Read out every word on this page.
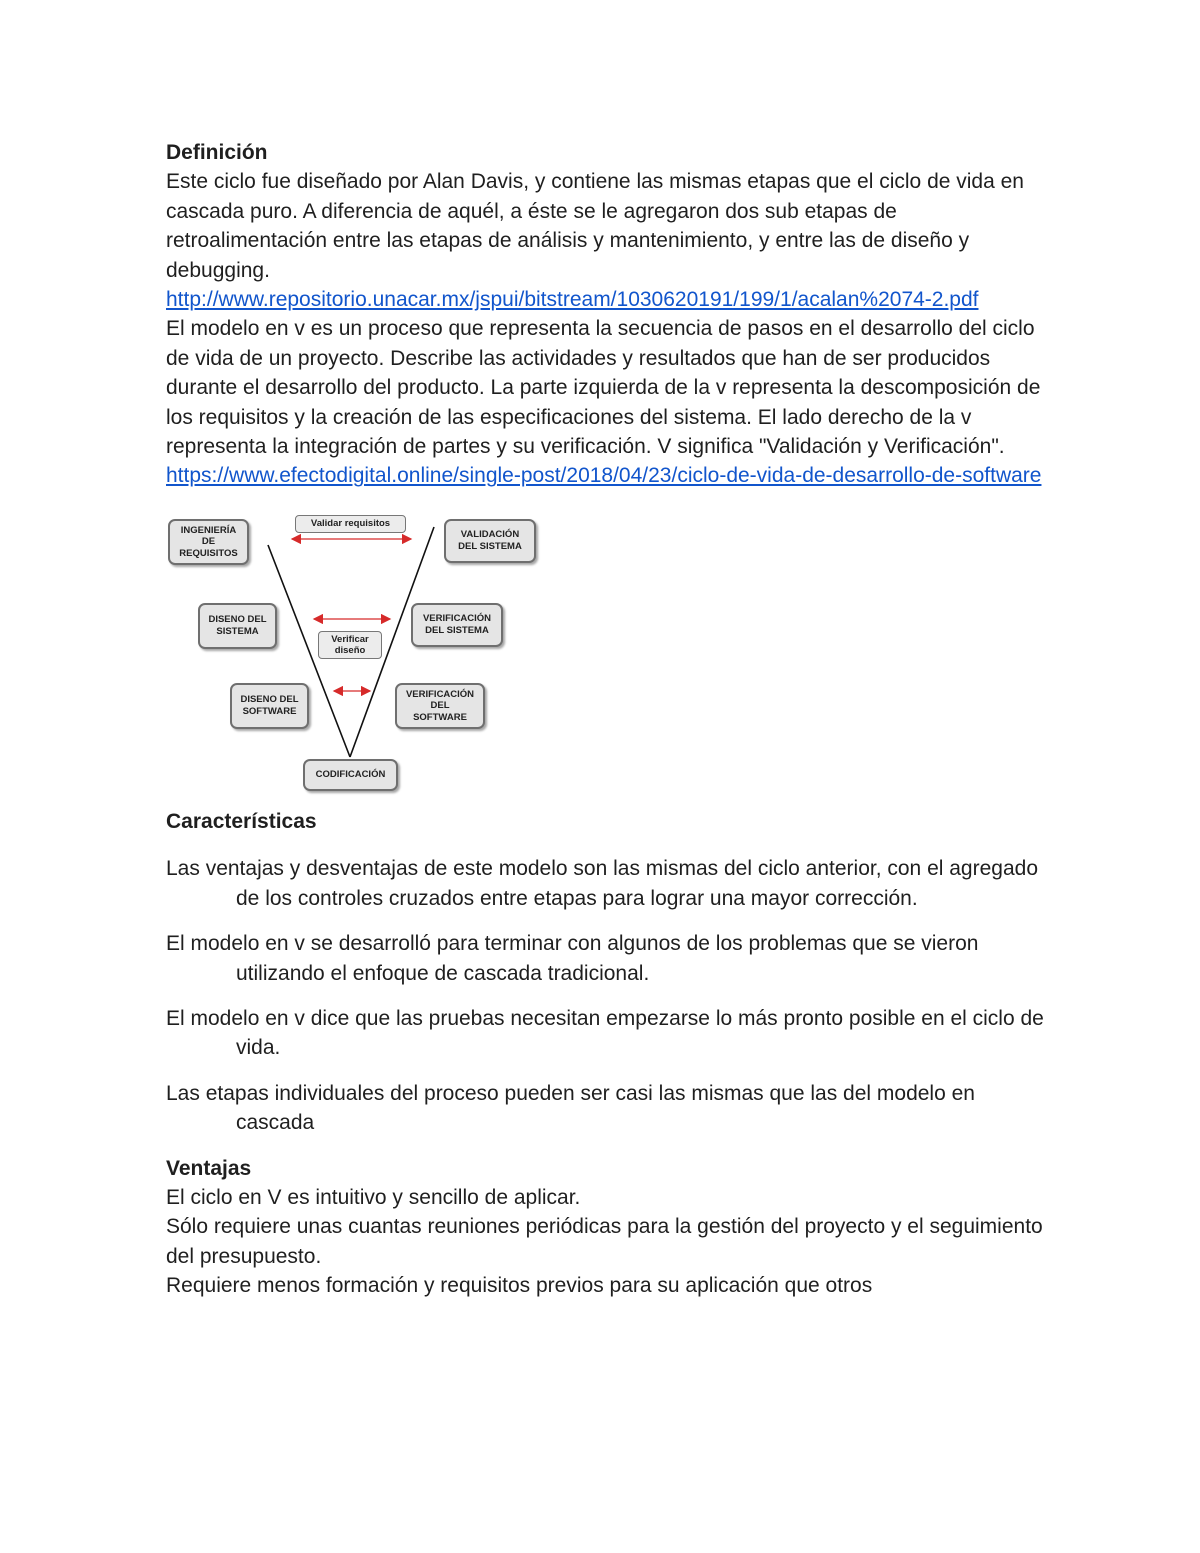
Definición

Este ciclo fue diseñado por Alan Davis, y contiene las mismas etapas que el ciclo de vida en cascada puro. A diferencia de aquél, a éste se le agregaron dos sub etapas de retroalimentación entre las etapas de análisis y mantenimiento, y entre las de diseño y debugging.

http://www.repositorio.unacar.mx/jspui/bitstream/1030620191/199/1/acalan%2074-2.pdf

El modelo en v es un proceso que representa la secuencia de pasos en el desarrollo del ciclo de vida de un proyecto. Describe las actividades y resultados que han de ser producidos durante el desarrollo del producto. La parte izquierda de la v representa la descomposición de los requisitos y la creación de las especificaciones del sistema. El lado derecho de la v representa la integración de partes y su verificación. V significa "Validación y Verificación".

https://www.efectodigital.online/single-post/2018/04/23/ciclo-de-vida-de-desarrollo-de-software
INGENIERÍA
DE
REQUISITOS
DISENO DEL
SISTEMA
DISENO DEL
SOFTWARE
CODIFICACIÓN
VALIDACIÓN
DEL SISTEMA
VERIFICACIÓN
DEL SISTEMA
VERIFICACIÓN
DEL
SOFTWARE
Validar requisitos
Verificar
diseño

Características

Las ventajas y desventajas de este modelo son las mismas del ciclo anterior, con el agregado de los controles cruzados entre etapas para lograr una mayor corrección.

El modelo en v se desarrolló para terminar con algunos de los problemas que se vieron utilizando el enfoque de cascada tradicional.

El modelo en v dice que las pruebas necesitan empezarse lo más pronto posible en el ciclo de vida.

Las etapas individuales del proceso pueden ser casi las mismas que las del modelo en cascada

Ventajas

El ciclo en V es intuitivo y sencillo de aplicar.

Sólo requiere unas cuantas reuniones periódicas para la gestión del proyecto y el seguimiento del presupuesto.

Requiere menos formación y requisitos previos para su aplicación que otros
